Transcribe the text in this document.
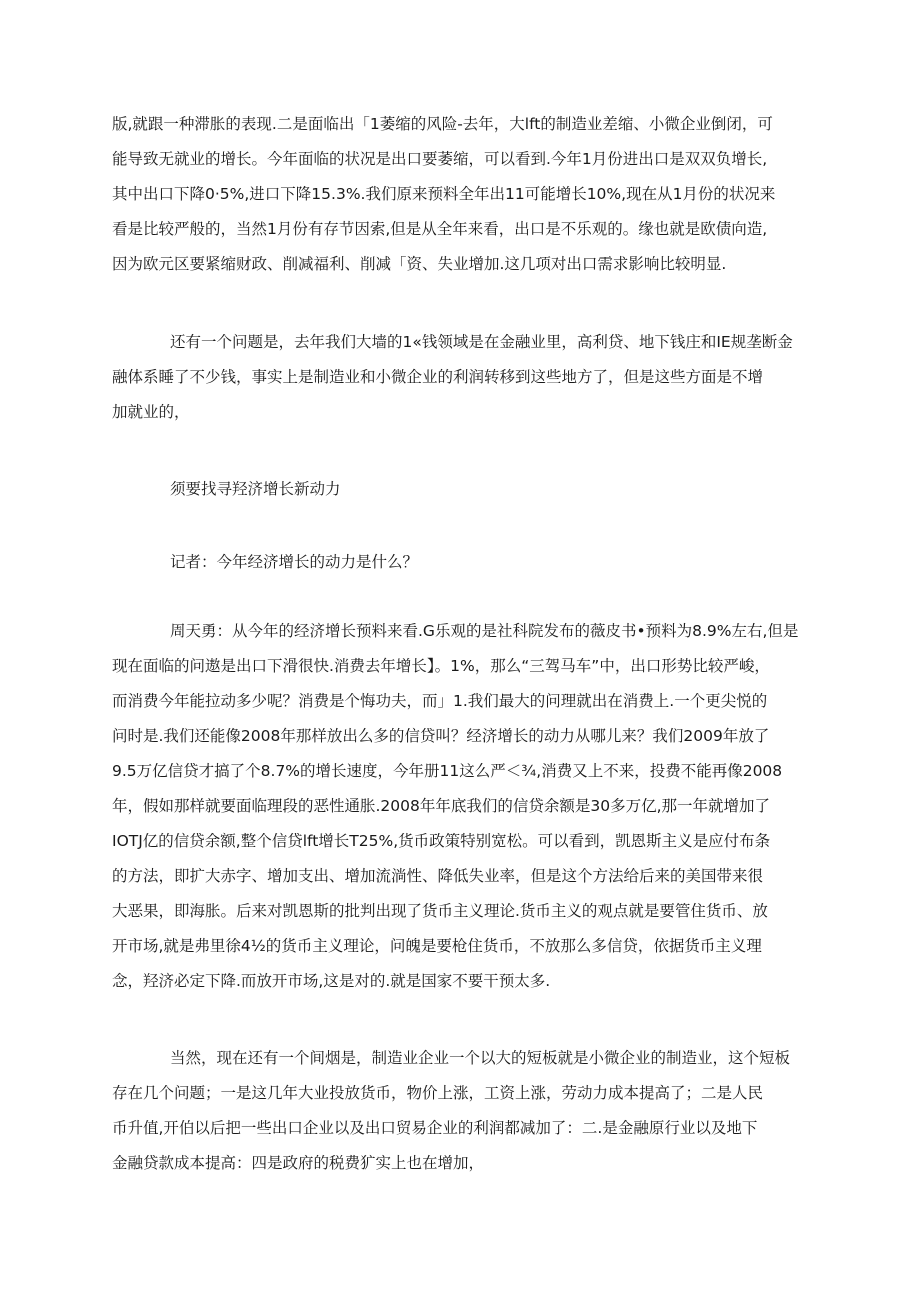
版,就跟一种滞胀的表现.二是面临出「1萎缩的风险-去年，大lft的制造业差缩、小微企业倒闭，可
能导致无就业的增长。今年面临的状况是出口要萎缩，可以看到.今年1月份进出口是双双负增长,
其中出口下降0·5%,进口下降15.3%.我们原来预料全年出11可能增长10%,现在从1月份的状况来
看是比较严般的，当然1月份有存节因索,但是从全年来看，出口是不乐观的。缘也就是欧债向造,
因为欧元区要紧缩财政、削减福利、削减「资、失业增加.这几项对出口需求影响比较明显.
还有一个问题是，去年我们大墙的1«钱领域是在金融业里，高利贷、地下钱庄和IE规垄断金
融体系睡了不少钱，事实上是制造业和小微企业的利润转移到这些地方了，但是这些方面是不增
加就业的，
须要找寻羟济增长新动力
记者：今年经济增长的动力是什么？
周天勇：从今年的经济增长预料来看.G乐观的是社科院发布的薇皮书•预料为8.9%左右,但是
现在面临的问遨是出口下滑很快.消费去年增长】。1%，那么“三驾马车”中，出口形势比较严峻，
而消费今年能拉动多少呢？消费是个悔功夫，而」1.我们最大的问理就出在消费上.一个更尖悦的
问时是.我们还能像2008年那样放出么多的信贷叫？经济增长的动力从哪儿来？我们2009年放了
9.5万亿信贷才搞了个8.7%的增长速度，今年册11这么严＜¾,消费又上不来，投费不能再像2008
年，假如那样就要面临理段的恶性通胀.2008年年底我们的信贷余额是30多万亿,那一年就增加了
IOTJ亿的信贷余额,整个信贷lft增长T25%,货币政策特别宽松。可以看到，凯恩斯主义是应付布条
的方法，即扩大赤字、增加支出、增加流淌性、降低失业率，但是这个方法给后来的美国带来很
大恶果，即海胀。后来对凯恩斯的批判出现了货币主义理论.货币主义的观点就是要管住货币、放
开市场,就是弗里徐4½的货币主义理论，问魄是要枪住货币，不放那么多信贷，依据货币主义理
念，羟济必定下降.而放开市场,这是对的.就是国家不要干预太多.
当然，现在还有一个间烟是，制造业企业一个以大的短板就是小微企业的制造业，这个短板
存在几个问题；一是这几年大业投放货币，物价上涨，工资上涨，劳动力成本提高了；二是人民
币升值,开伯以后把一些出口企业以及出口贸易企业的利润都减加了：二.是金融原行业以及地下
金融贷款成本提高：四是政府的税费犷实上也在增加，
